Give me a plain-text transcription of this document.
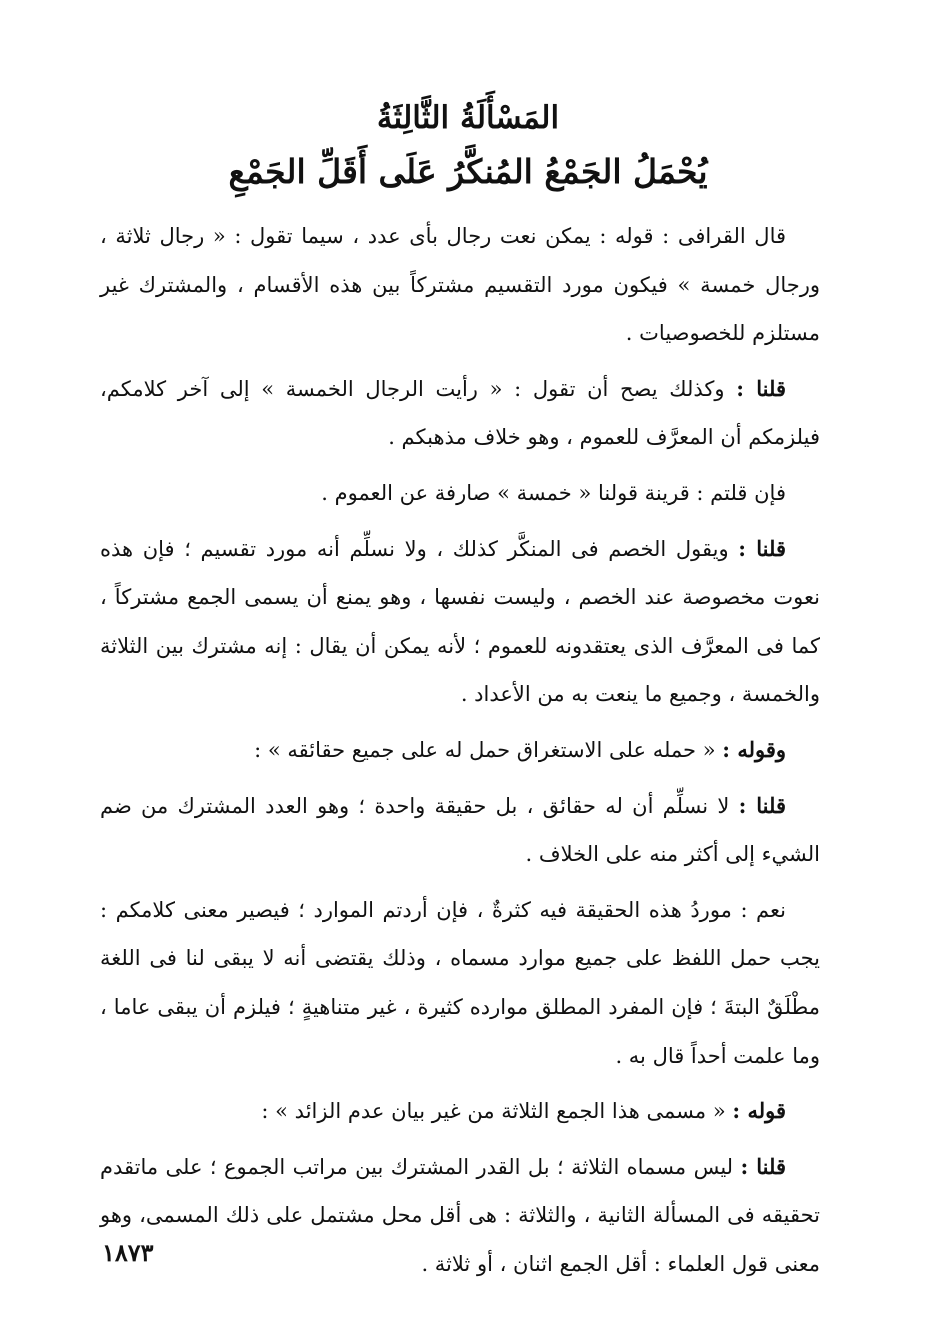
المَسْأَلَةُ الثَّالِثَةُ
يُحْمَلُ الجَمْعُ المُنكَّرُ عَلَى أَقَلِّ الجَمْعِ

قال القرافى : قوله : يمكن نعت رجال بأى عدد ، سيما تقول : « رجال ثلاثة ، ورجال خمسة » فيكون مورد التقسيم مشتركاً بين هذه الأقسام ، والمشترك غير مستلزم للخصوصيات .

قلنا : وكذلك يصح أن تقول : « رأيت الرجال الخمسة » إلى آخر كلامكم، فيلزمكم أن المعرَّف للعموم ، وهو خلاف مذهبكم .

فإن قلتم : قرينة قولنا « خمسة » صارفة عن العموم .

قلنا : ويقول الخصم فى المنكَّر كذلك ، ولا نسلِّم أنه مورد تقسيم ؛ فإن هذه نعوت مخصوصة عند الخصم ، وليست نفسها ، وهو يمنع أن يسمى الجمع مشتركاً ، كما فى المعرَّف الذى يعتقدونه للعموم ؛ لأنه يمكن أن يقال : إنه مشترك بين الثلاثة والخمسة ، وجميع ما ينعت به من الأعداد .

وقوله : « حمله على الاستغراق حمل له على جميع حقائقه » :

قلنا : لا نسلِّم أن له حقائق ، بل حقيقة واحدة ؛ وهو العدد المشترك من ضم الشيء إلى أكثر منه على الخلاف .

نعم : موردُ هذه الحقيقة فيه كثرةٌ ، فإن أردتم الموارد ؛ فيصير معنى كلامكم : يجب حمل اللفظ على جميع موارد مسماه ، وذلك يقتضى أنه لا يبقى لنا فى اللغة مطْلَقٌ البتةَ ؛ فإن المفرد المطلق موارده كثيرة ، غير متناهيةٍ ؛ فيلزم أن يبقى عاما ، وما علمت أحداً قال به .

قوله : « مسمى هذا الجمع الثلاثة من غير بيان عدم الزائد » :

قلنا : ليس مسماه الثلاثة ؛ بل القدر المشترك بين مراتب الجموع ؛ على ماتقدم تحقيقه فى المسألة الثانية ، والثلاثة : هى أقل محل مشتمل على ذلك المسمى، وهو معنى قول العلماء : أقل الجمع اثنان ، أو ثلاثة .

١٨٧٣
